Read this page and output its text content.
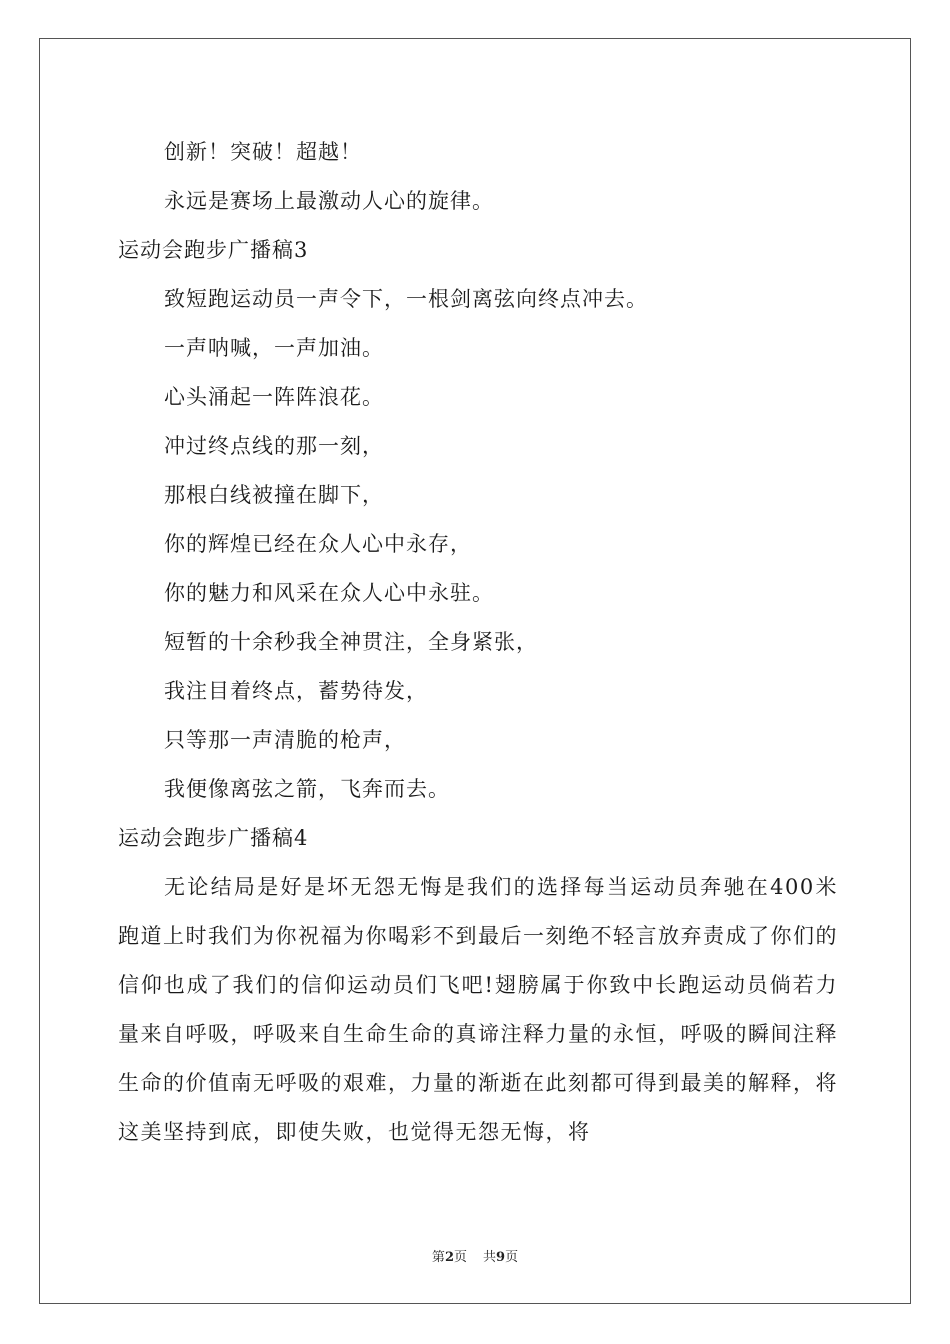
创新！突破！超越！
永远是赛场上最激动人心的旋律。
运动会跑步广播稿3
致短跑运动员一声令下，一根剑离弦向终点冲去。
一声呐喊，一声加油。
心头涌起一阵阵浪花。
冲过终点线的那一刻，
那根白线被撞在脚下，
你的辉煌已经在众人心中永存，
你的魅力和风采在众人心中永驻。
短暂的十余秒我全神贯注，全身紧张，
我注目着终点，蓄势待发，
只等那一声清脆的枪声，
我便像离弦之箭，飞奔而去。
运动会跑步广播稿4

无论结局是好是坏无怨无悔是我们的选择每当运动员奔驰在400米跑道上时我们为你祝福为你喝彩不到最后一刻绝不轻言放弃责成了你们的信仰也成了我们的信仰运动员们飞吧!翅膀属于你致中长跑运动员倘若力量来自呼吸，呼吸来自生命生命的真谛注释力量的永恒，呼吸的瞬间注释生命的价值南无呼吸的艰难，力量的渐逝在此刻都可得到最美的解释，将这美坚持到底，即使失败，也觉得无怨无悔，将

第2页 共9页
